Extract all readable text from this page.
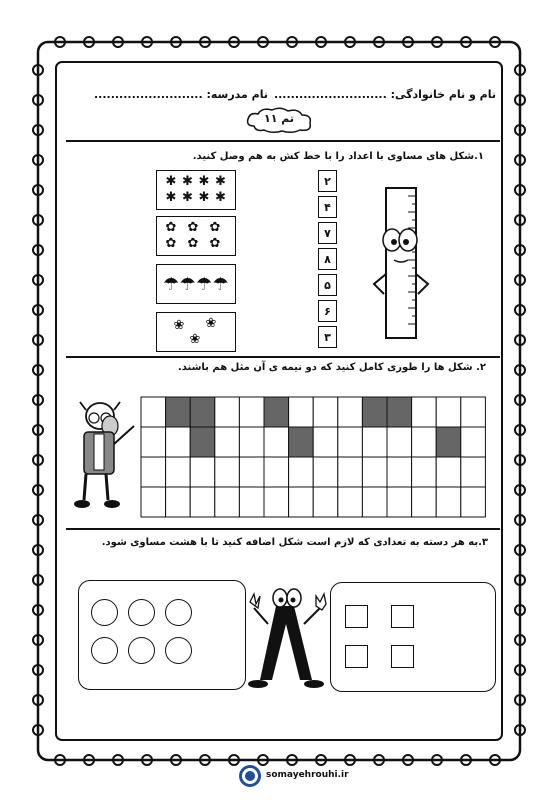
نام و نام خانوادگی: ...........................
نام مدرسه: ..........................
تم ۱۱
۱.شکل های مساوی با اعداد را با خط کش به هم وصل کنید.
✱ ✱ ✱ ✱
✱ ✱ ✱ ✱
✿ ✿ ✿
✿ ✿ ✿
☂ ☂ ☂ ☂
❀ ❀
❀
۲
۴
۷
۸
۵
۶
۳
۲. شکل ها را طوری کامل کنید که دو نیمه ی آن مثل هم باشند.
۳.به هر دسته به تعدادی که لازم است شکل اضافه کنید تا با هشت مساوی شود.
somayehrouhi.ir
